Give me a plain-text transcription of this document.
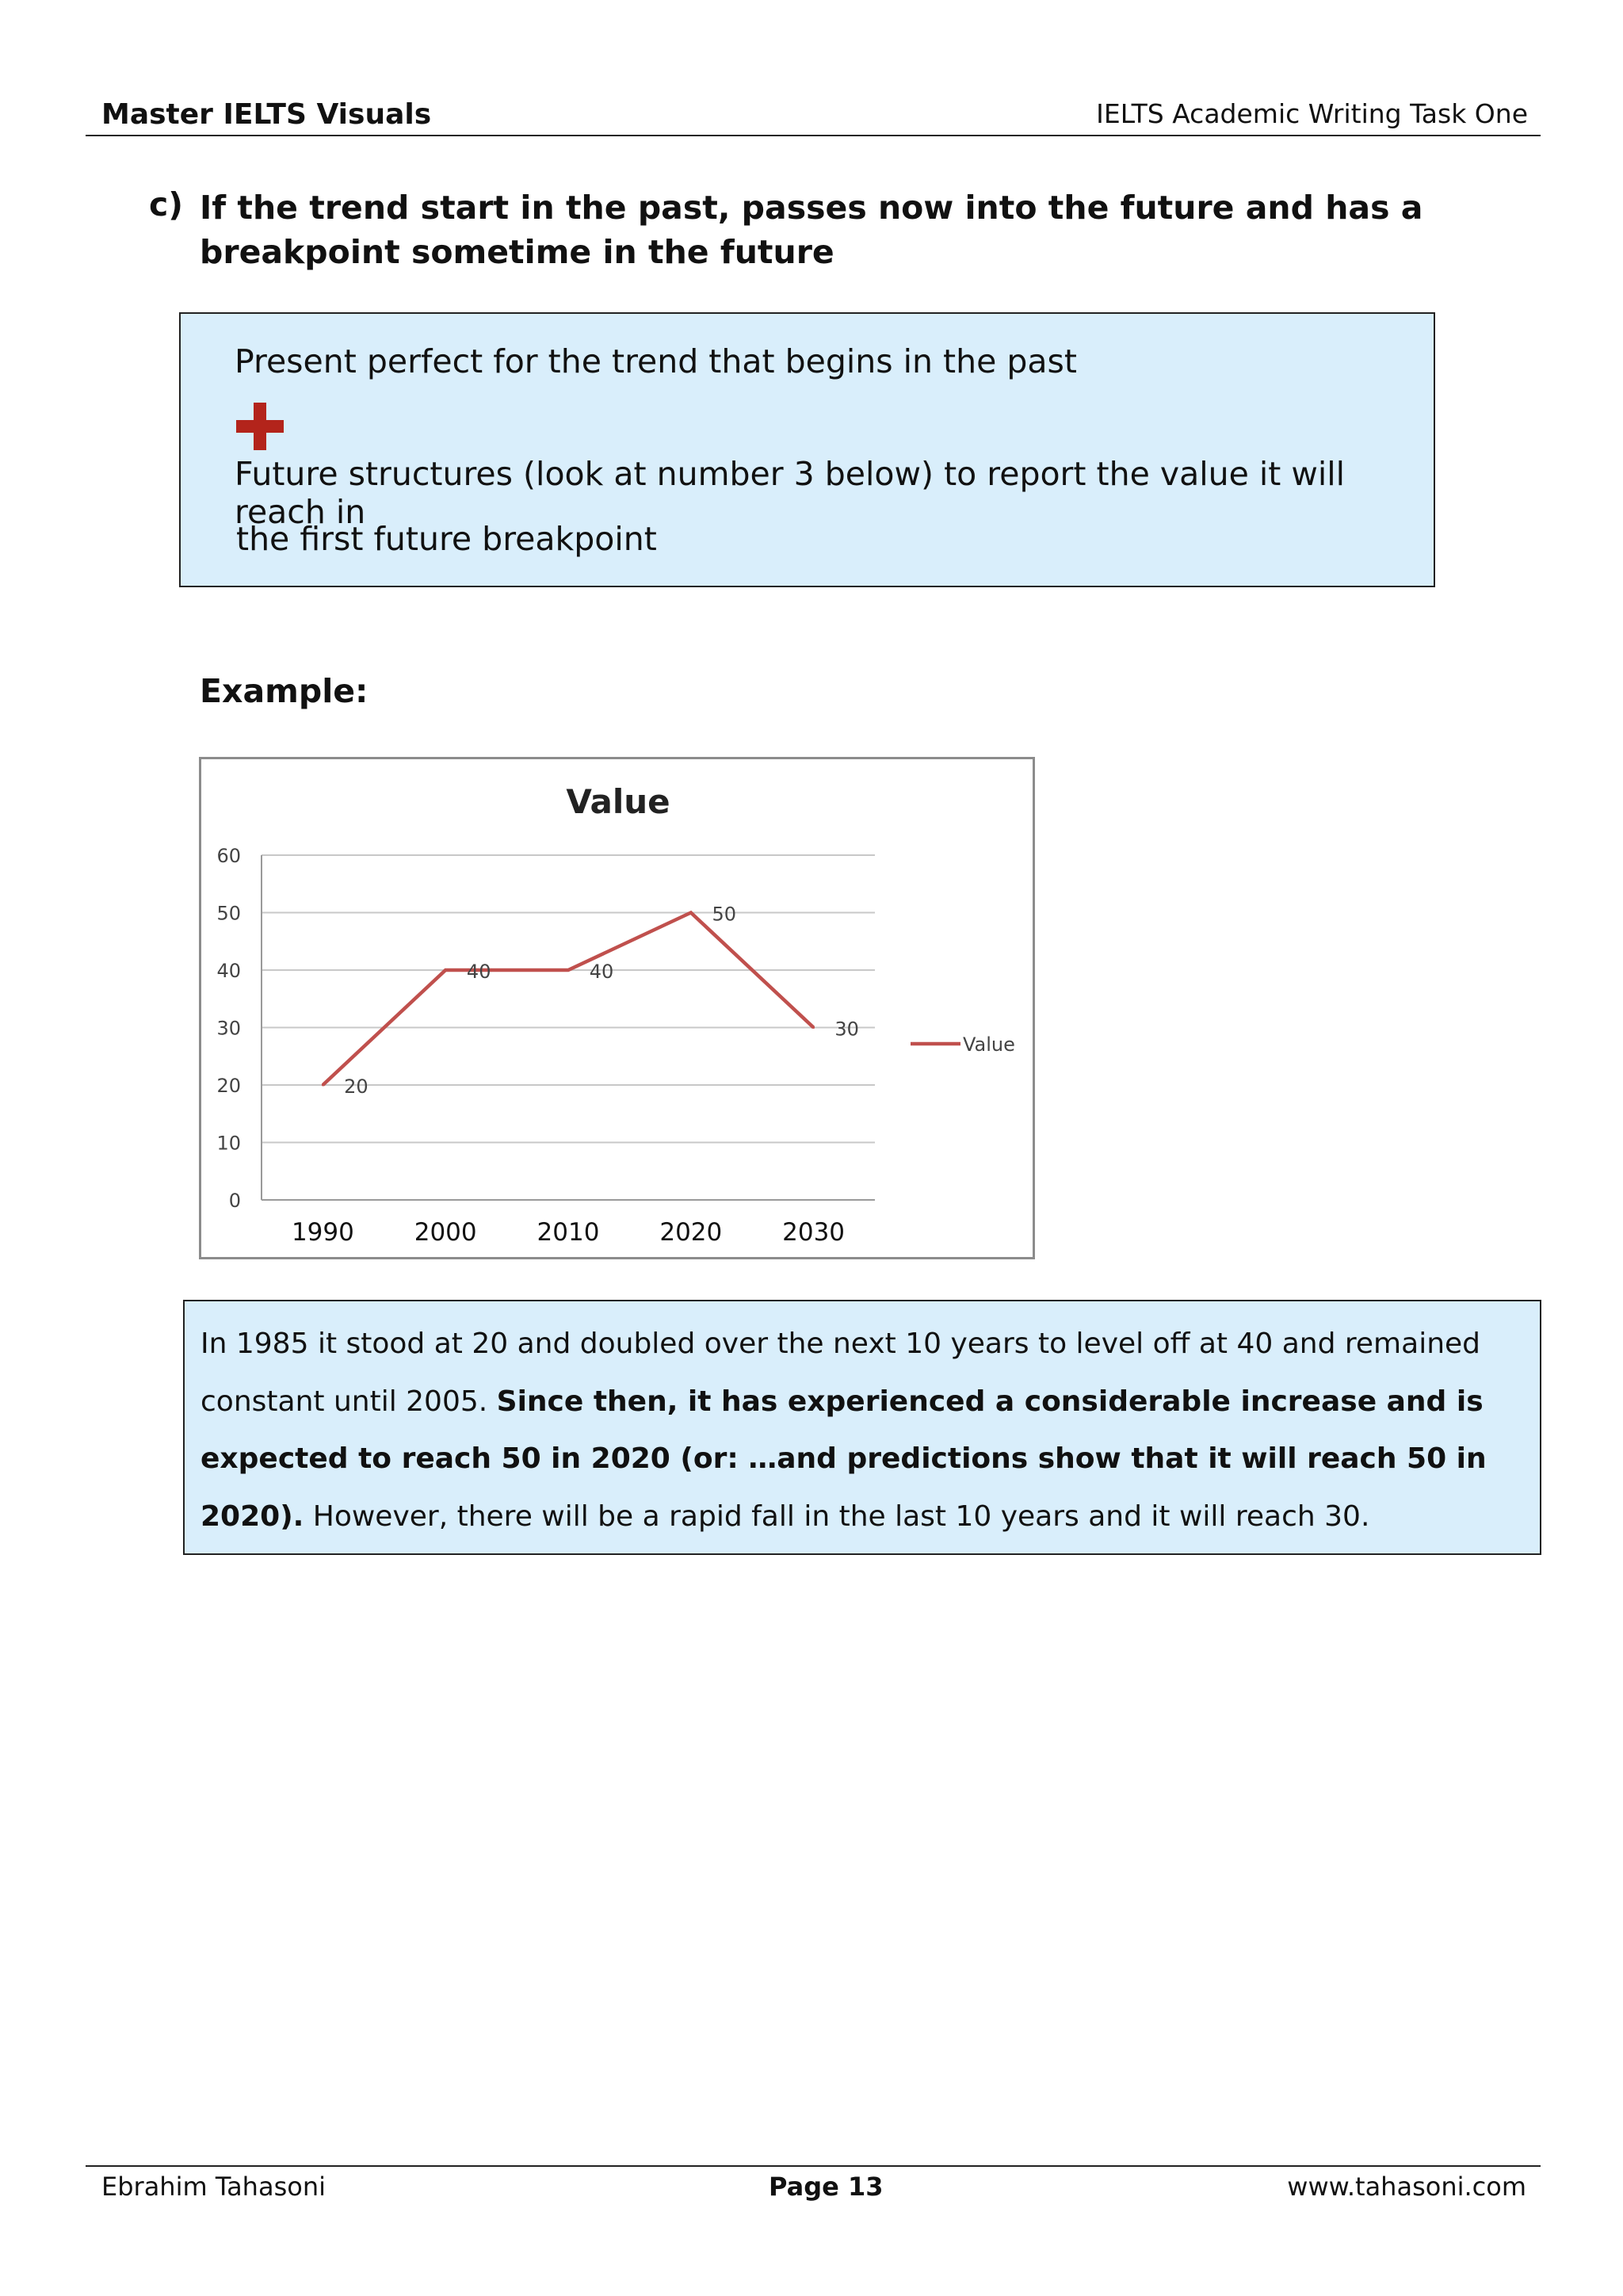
Master IELTS Visuals	IELTS Academic Writing Task One
c) If the trend start in the past, passes now into the future and has a breakpoint sometime in the future
Present perfect for the trend that begins in the past
Future structures (look at number 3 below) to report the value it will reach in
the first future breakpoint
Example:
Value
0
10
20
30
40
50
60
1990 2000 2010 2020 2030
20
40	40
50
30
Value
In 1985 it stood at 20 and doubled over the next 10 years to level off at 40 and remained constant until 2005. Since then, it has experienced a considerable increase and is expected to reach 50 in 2020 (or: …and predictions show that it will reach 50 in 2020). However, there will be a rapid fall in the last 10 years and it will reach 30.
Ebrahim Tahasoni	Page 13	www.tahasoni.com
